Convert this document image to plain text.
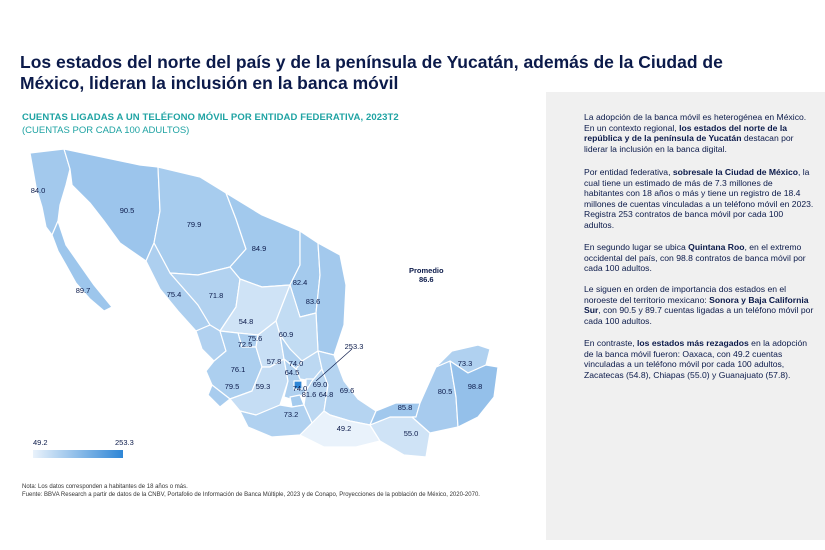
Los estados del norte del país y de la península de Yucatán, además de la Ciudad de México, lideran la inclusión en la banca móvil
CUENTAS LIGADAS A UN TELÉFONO MÓVIL POR ENTIDAD FEDERATIVA, 2023T2
(CUENTAS POR CADA 100 ADULTOS)
84.0
90.5
89.7
79.9
84.9
82.4
83.6
75.4	71.8
54.8
72.5
75.6 60.9
57.8 74.0
64.5
76.1
74.0 69.0
79.5 59.3
81.6 64.8 69.6
253.3
73.2
49.2
55.0
85.8
80.5
73.3
98.8
Promedio
86.6
49.2	253.3
Nota: Los datos corresponden a habitantes de 18 años o más.
Fuente: BBVA Research a partir de datos de la CNBV, Portafolio de Información de Banca Múltiple, 2023 y de Conapo, Proyecciones de la población de México, 2020-2070.

La adopción de la banca móvil es heterogénea en México. En un contexto regional, los estados del norte de la república y de la península de Yucatán destacan por liderar la inclusión en la banca digital.

Por entidad federativa, sobresale la Ciudad de México, la cual tiene un estimado de más de 7.3 millones de habitantes con 18 años o más y tiene un registro de 18.4 millones de cuentas vinculadas a un teléfono móvil en 2023. Registra 253 contratos de banca móvil por cada 100 adultos.

En segundo lugar se ubica Quintana Roo, en el extremo occidental del país, con 98.8 contratos de banca móvil por cada 100 adultos.

Le siguen en orden de importancia dos estados en el noroeste del territorio mexicano: Sonora y Baja California Sur, con 90.5 y 89.7 cuentas ligadas a un teléfono móvil por cada 100 adultos.

En contraste, los estados más rezagados en la adopción de la banca móvil fueron: Oaxaca, con 49.2 cuentas vinculadas a un teléfono móvil por cada 100 adultos, Zacatecas (54.8), Chiapas (55.0) y Guanajuato (57.8).
